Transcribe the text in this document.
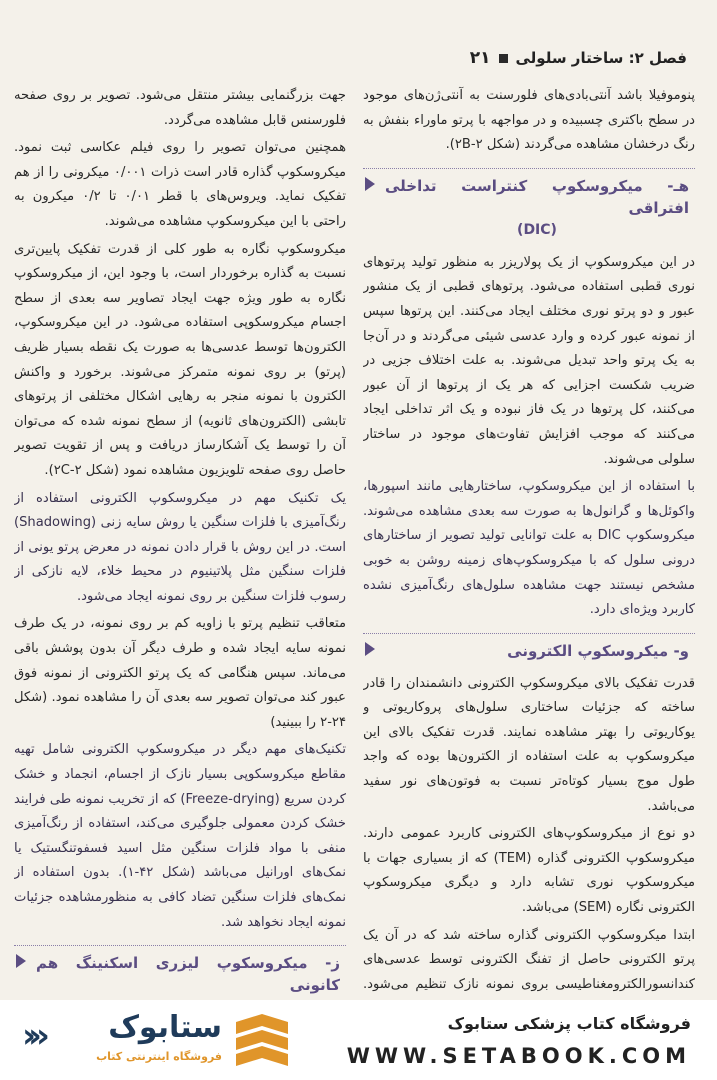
فصل ۲: ساختار سلولی
۲۱

پنوموفیلا باشد آنتی‌بادی‌های فلورسنت به آنتی‌ژن‌های موجود در سطح باکتری چسبیده و در مواجهه با پرتو ماوراء بنفش به رنگ درخشان مشاهده می‌گردند (شکل ۲B-۲).

هـ- میکروسکوپ کنتراست تداخلی افتراقی
(DIC)

در این میکروسکوپ از یک پولاریزر به منظور تولید پرتوهای نوری قطبی استفاده می‌شود. پرتوهای قطبی از یک منشور عبور و دو پرتو نوری مختلف ایجاد می‌کنند. این پرتوها سپس از نمونه عبور کرده و وارد عدسی شیئی می‌گردند و در آن‌جا به یک پرتو واحد تبدیل می‌شوند. به علت اختلاف جزیی در ضریب شکست اجزایی که هر یک از پرتوها از آن عبور می‌کنند، کل پرتوها در یک فاز نبوده و یک اثر تداخلی ایجاد می‌کنند که موجب افزایش تفاوت‌های موجود در ساختار سلولی می‌شوند.

با استفاده از این میکروسکوپ، ساختارهایی مانند اسپورها، واکوئل‌ها و گرانول‌ها به صورت سه بعدی مشاهده می‌شوند. میکروسکوپ DIC به علت توانایی تولید تصویر از ساختارهای درونی سلول که با میکروسکوپ‌های زمینه روشن به خوبی مشخص نیستند جهت مشاهده سلول‌های رنگ‌آمیزی نشده کاربرد ویژه‌ای دارد.

و- میکروسکوپ الکترونی

قدرت تفکیک بالای میکروسکوپ الکترونی دانشمندان را قادر ساخته که جزئیات ساختاری سلول‌های پروکاریوتی و یوکاریوتی را بهتر مشاهده نمایند. قدرت تفکیک بالای این میکروسکوپ به علت استفاده از الکترون‌ها بوده که واجد طول موج بسیار کوتاه‌تر نسبت به فوتون‌های نور سفید می‌باشد.

دو نوع از میکروسکوپ‌های الکترونی کاربرد عمومی دارند. میکروسکوپ الکترونی گذاره (TEM) که از بسیاری جهات با میکروسکوپ نوری تشابه دارد و دیگری میکروسکوپ الکترونی نگاره (SEM) می‌باشد.

ابتدا میکروسکوپ الکترونی گذاره ساخته شد که در آن یک پرتو الکترونی حاصل از تفنگ الکترونی توسط عدسی‌های کندانسورالکترومغناطیسی بروی نمونه نازک تنظیم می‌شود.

جهت بزرگنمایی بیشتر منتقل می‌شود. تصویر بر روی صفحه فلورسنس قابل مشاهده می‌گردد.

همچنین می‌توان تصویر را روی فیلم عکاسی ثبت نمود. میکروسکوپ گذاره قادر است ذرات ۰/۰۰۱ میکرونی را از هم تفکیک نماید. ویروس‌های با قطر ۰/۰۱ تا ۰/۲ میکرون به راحتی با این میکروسکوپ مشاهده می‌شوند.

میکروسکوپ نگاره به طور کلی از قدرت تفکیک پایین‌تری نسبت به گذاره برخوردار است، با وجود این، از میکروسکوپ نگاره به طور ویژه جهت ایجاد تصاویر سه بعدی از سطح اجسام میکروسکوپی استفاده می‌شود. در این میکروسکوپ، الکترون‌ها توسط عدسی‌ها به صورت یک نقطه بسیار ظریف (پرتو) بر روی نمونه متمرکز می‌شوند. برخورد و واکنش الکترون با نمونه منجر به رهایی اشکال مختلفی از پرتوهای تابشی (الکترون‌های ثانویه) از سطح نمونه شده که می‌توان آن را توسط یک آشکارساز دریافت و پس از تقویت تصویر حاصل روی صفحه تلویزیون مشاهده نمود (شکل ۲C-۲).

یک تکنیک مهم در میکروسکوپ الکترونی استفاده از رنگ‌آمیزی با فلزات سنگین یا روش سایه زنی (Shadowing) است. در این روش با قرار دادن نمونه در معرض پرتو یونی از فلزات سنگین مثل پلاتینیوم در محیط خلاء، لایه نازکی از رسوب فلزات سنگین بر روی نمونه ایجاد می‌شود.

متعاقب تنظیم پرتو با زاویه کم بر روی نمونه، در یک طرف نمونه سایه ایجاد شده و طرف دیگر آن بدون پوشش باقی می‌ماند. سپس هنگامی که یک پرتو الکترونی از نمونه فوق عبور کند می‌توان تصویر سه بعدی آن را مشاهده نمود. (شکل ۲۴-۲ را ببینید)

تکنیک‌های مهم دیگر در میکروسکوپ الکترونی شامل تهیه مقاطع میکروسکوپی بسیار نازک از اجسام، انجماد و خشک کردن سریع (Freeze-drying) که از تخریب نمونه طی فرایند خشک کردن معمولی جلوگیری می‌کند، استفاده از رنگ‌آمیزی منفی با مواد فلزات سنگین مثل اسید فسفوتنگستیک یا نمک‌های اورانیل می‌باشد (شکل ۴۲-۱). بدون استفاده از نمک‌های فلزات سنگین تضاد کافی به منظورمشاهده جزئیات نمونه ایجاد نخواهد شد.

ز- میکروسکوپ لیزری اسکنینگ هم کانونی

ستابوک
فروشگاه اینترنتی کتاب
«‹	فروشگاه کتاب پزشکی ستابوک
WWW.SETABOOK.COM
